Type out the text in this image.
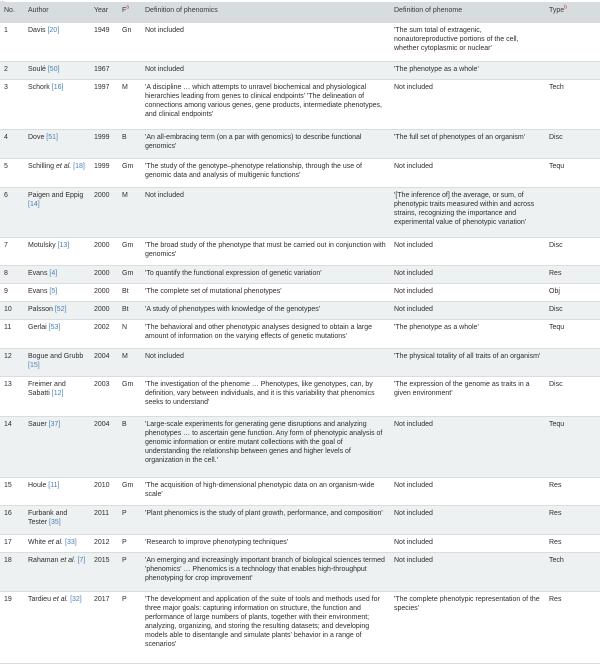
No.	Author	Year	$F^a$	Definition of phenomics	Definition of phenome	Type$^b$
1	Davis [20]	1949	Gn	Not included	'The sum total of extragenic, nonautoreproductive portions of the cell, whether cytoplasmic or nuclear'	
2	Soulé [50]	1967		Not included	'The phenotype as a whole'	
3	Schork [16]	1997	M	'A discipline … which attempts to unravel biochemical and physiological hierarchies leading from genes to clinical endpoints' 'The delineation of connections among various genes, gene products, intermediate phenotypes, and clinical endpoints'	Not included	Tech
4	Dove [51]	1999	B	'An all-embracing term (on a par with genomics) to describe functional genomics'	'The full set of phenotypes of an organism'	Disc
5	Schilling et al. [18]	1999	Gm	'The study of the genotype–phenotype relationship, through the use of genomic data and analysis of multigenic functions'	Not included	Tequ
6	Paigen and Eppig [14]	2000	M	Not included	'[The inference of] the average, or sum, of phenotypic traits measured within and across strains, recognizing the importance and experimental value of phenotypic variation'	
7	Motulsky [13]	2000	Gm	'The broad study of the phenotype that must be carried out in conjunction with genomics'	Not included	Disc
8	Evans [4]	2000	Gm	'To quantify the functional expression of genetic variation'	Not included	Res
9	Evans [5]	2000	Bt	'The complete set of mutational phenotypes'	Not included	Obj
10	Palsson [52]	2000	Bt	'A study of phenotypes with knowledge of the genotypes'	Not included	Disc
11	Gerlai [53]	2002	N	'The behavioral and other phenotypic analyses designed to obtain a large amount of information on the varying effects of genetic mutations'	'The phenotype as a whole'	Tequ
12	Bogue and Grubb [15]	2004	M	Not included	'The physical totality of all traits of an organism'	
13	Freimer and Sabatti [12]	2003	Gm	'The investigation of the phenome … Phenotypes, like genotypes, can, by definition, vary between individuals, and it is this variability that phenomics seeks to understand'	'The expression of the genome as traits in a given environment'	Disc
14	Sauer [37]	2004	B	'Large-scale experiments for generating gene disruptions and analyzing phenotypes … to ascertain gene function. Any form of phenotypic analysis of genomic information or entire mutant collections with the goal of understanding the relationship between genes and higher levels of organization in the cell.'	Not included	Tequ
15	Houle [11]	2010	Gm	'The acquisition of high-dimensional phenotypic data on an organism-wide scale'	Not included	Res
16	Furbank and Tester [35]	2011	P	'Plant phenomics is the study of plant growth, performance, and composition'	Not included	Res
17	White et al. [33]	2012	P	'Research to improve phenotyping techniques'	Not included	Res
18	Rahaman et al. [7]	2015	P	'An emerging and increasingly important branch of biological sciences termed 'phenomics' … Phenomics is a technology that enables high-throughput phenotyping for crop improvement'	Not included	Tech
19	Tardieu et al. [32]	2017	P	'The development and application of the suite of tools and methods used for three major goals: capturing information on structure, the function and performance of large numbers of plants, together with their environment; analyzing, organizing, and storing the resulting datasets; and developing models able to disentangle and simulate plants' behavior in a range of scenarios'	'The complete phenotypic representation of the species'	Res
